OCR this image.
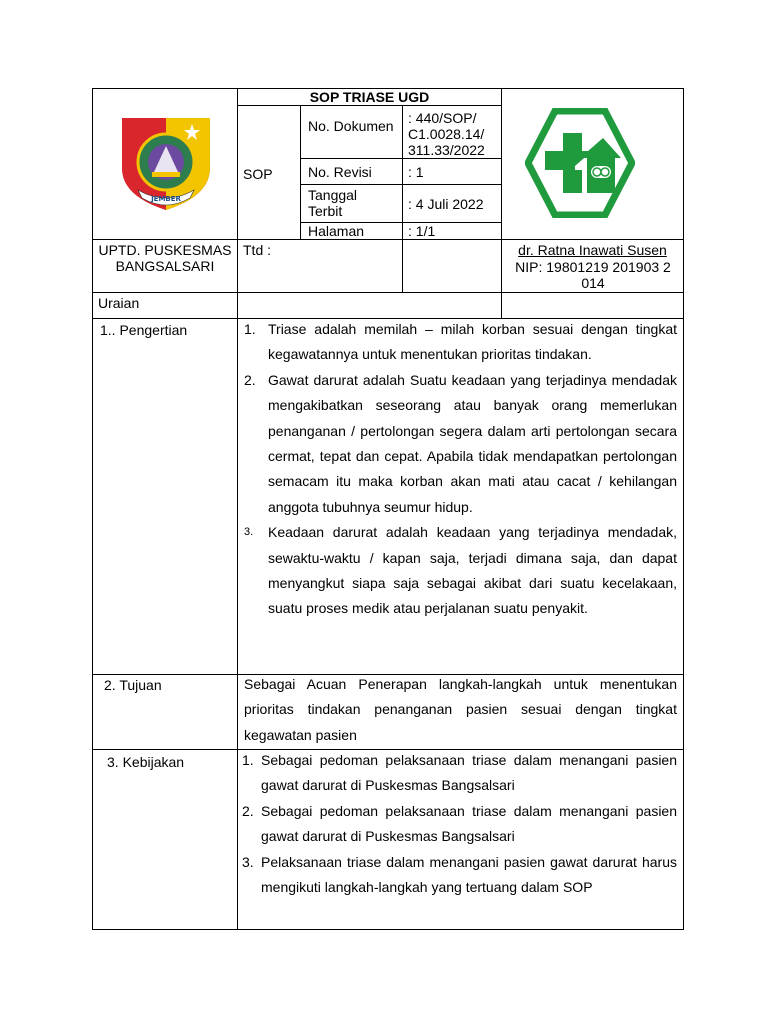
JEMBER
SOP TRIASE UGD
SOP
No. Dokumen	: 440/SOP/ C1.0028.14/ 311.33/2022
No. Revisi	: 1
Tanggal Terbit	: 4 Juli 2022
Halaman	: 1/1
UPTD. PUSKESMAS BANGSALSARI
Ttd :	dr. Ratna Inawati Susen
NIP: 19801219 201903 2 014
Uraian
1.. Pengertian	1. Triase adalah memilah – milah korban sesuai dengan tingkat kegawatannya untuk menentukan prioritas tindakan.
2. Gawat darurat adalah Suatu keadaan yang terjadinya mendadak mengakibatkan seseorang atau banyak orang memerlukan penanganan / pertolongan segera dalam arti pertolongan secara cermat, tepat dan cepat. Apabila tidak mendapatkan pertolongan semacam itu maka korban akan mati atau cacat / kehilangan anggota tubuhnya seumur hidup.
3. Keadaan darurat adalah keadaan yang terjadinya mendadak, sewaktu-waktu / kapan saja, terjadi dimana saja, dan dapat menyangkut siapa saja sebagai akibat dari suatu kecelakaan, suatu proses medik atau perjalanan suatu penyakit.
2. Tujuan	Sebagai Acuan Penerapan langkah-langkah untuk menentukan prioritas tindakan penanganan pasien sesuai dengan tingkat kegawatan pasien
3. Kebijakan	1. Sebagai pedoman pelaksanaan triase dalam menangani pasien gawat darurat di Puskesmas Bangsalsari
2. Sebagai pedoman pelaksanaan triase dalam menangani pasien gawat darurat di Puskesmas Bangsalsari
3. Pelaksanaan triase dalam menangani pasien gawat darurat harus mengikuti langkah-langkah yang tertuang dalam SOP
